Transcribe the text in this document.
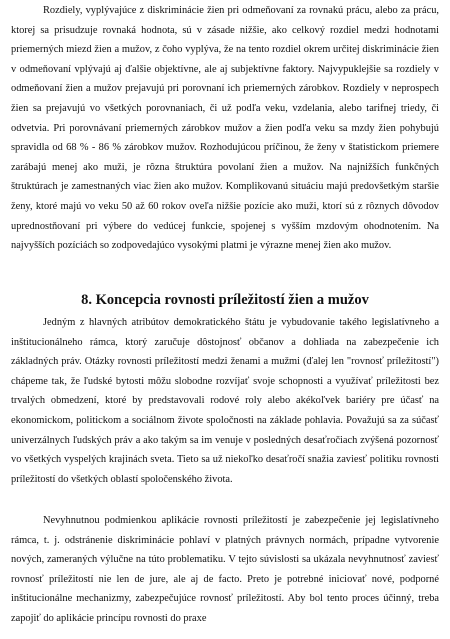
Rozdiely, vyplývajúce z diskriminácie žien pri odmeňovaní za rovnakú prácu, alebo za prácu, ktorej sa prisudzuje rovnaká hodnota, sú v zásade nižšie, ako celkový rozdiel medzi hodnotami priemerných miezd žien a mužov, z čoho vyplýva, že na tento rozdiel okrem určitej diskriminácie žien v odmeňovaní vplývajú aj ďalšie objektívne, ale aj subjektívne faktory. Najvypuklejšie sa rozdiely v odmeňovaní žien a mužov prejavujú pri porovnaní ich priemerných zárobkov. Rozdiely v neprospech žien sa prejavujú vo všetkých porovnaniach, či už podľa veku, vzdelania, alebo tarifnej triedy, či odvetvia. Pri porovnávaní priemerných zárobkov mužov a žien podľa veku sa mzdy žien pohybujú spravidla od 68 % - 86 % zárobkov mužov. Rozhodujúcou príčinou, že ženy v štatistickom priemere zarábajú menej ako muži, je rôzna štruktúra povolaní žien a mužov. Na najnižších funkčných štruktúrach je zamestnaných viac žien ako mužov. Komplikovanú situáciu majú predovšetkým staršie ženy, ktoré majú vo veku 50 až 60 rokov oveľa nižšie pozície ako muži, ktorí sú z rôznych dôvodov uprednostňovaní pri výbere do vedúcej funkcie, spojenej s vyšším mzdovým ohodnotením. Na najvyšších pozíciách so zodpovedajúco vysokými platmi je výrazne menej žien ako mužov.

8. Koncepcia rovnosti príležitostí žien a mužov

Jedným z hlavných atribútov demokratického štátu je vybudovanie takého legislatívneho a inštitucionálneho rámca, ktorý zaručuje dôstojnosť občanov a dohliada na zabezpečenie ich základných práv. Otázky rovnosti príležitostí medzi ženami a mužmi (ďalej len "rovnosť príležitostí") chápeme tak, že ľudské bytosti môžu slobodne rozvíjať svoje schopnosti a využívať príležitosti bez trvalých obmedzení, ktoré by predstavovali rodové roly alebo akékoľvek bariéry pre účasť na ekonomickom, politickom a sociálnom živote spoločnosti na základe pohlavia. Považujú sa za súčasť univerzálnych ľudských práv a ako takým sa im venuje v posledných desaťročiach zvýšená pozornosť vo všetkých vyspelých krajinách sveta. Tieto sa už niekoľko desaťročí snažia zaviesť politiku rovnosti príležitostí do všetkých oblastí spoločenského života.

Nevyhnutnou podmienkou aplikácie rovnosti príležitostí je zabezpečenie jej legislatívneho rámca, t. j. odstránenie diskriminácie pohlaví v platných právnych normách, prípadne vytvorenie nových, zameraných výlučne na túto problematiku. V tejto súvislosti sa ukázala nevyhnutnosť zaviesť rovnosť príležitostí nie len de jure, ale aj de facto. Preto je potrebné iniciovať nové, podporné inštitucionálne mechanizmy, zabezpečujúce rovnosť príležitostí. Aby bol tento proces účinný, treba zapojiť do aplikácie princípu rovnosti do praxe
